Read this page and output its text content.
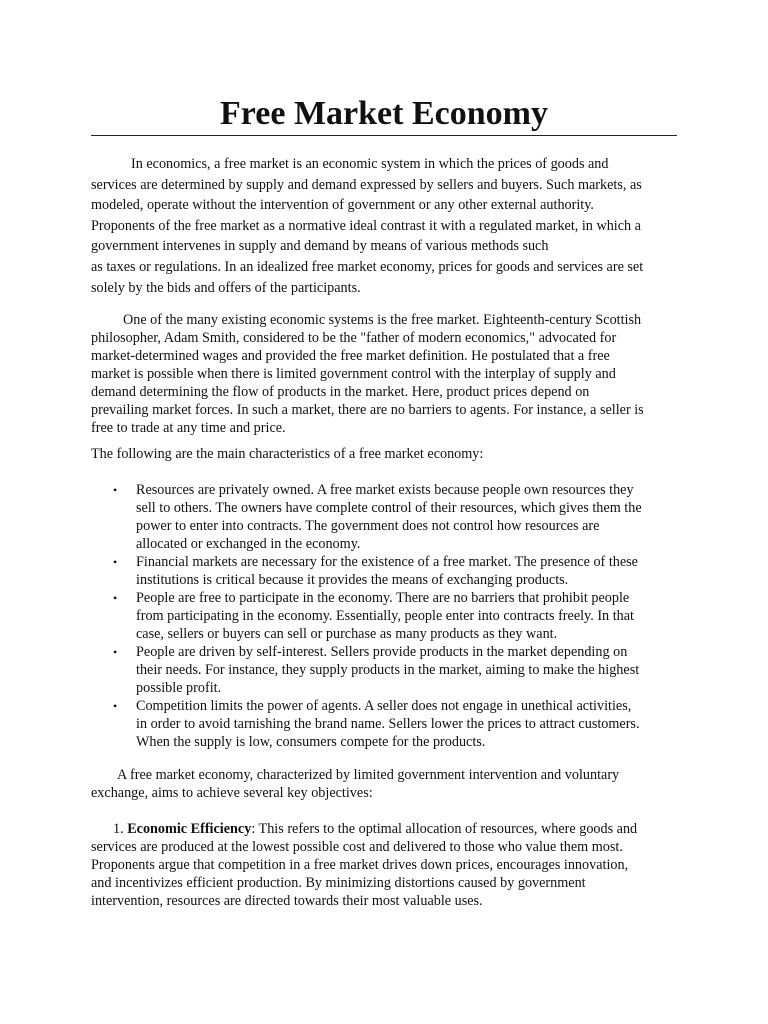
Free Market Economy

In economics, a free market is an economic system in which the prices of goods and
services are determined by supply and demand expressed by sellers and buyers. Such markets, as
modeled, operate without the intervention of government or any other external authority.
Proponents of the free market as a normative ideal contrast it with a regulated market, in which a
government intervenes in supply and demand by means of various methods such
as taxes or regulations. In an idealized free market economy, prices for goods and services are set
solely by the bids and offers of the participants.

One of the many existing economic systems is the free market. Eighteenth-century Scottish
philosopher, Adam Smith, considered to be the "father of modern economics," advocated for
market-determined wages and provided the free market definition. He postulated that a free
market is possible when there is limited government control with the interplay of supply and
demand determining the flow of products in the market. Here, product prices depend on
prevailing market forces. In such a market, there are no barriers to agents. For instance, a seller is
free to trade at any time and price.

The following are the main characteristics of a free market economy:

• Resources are privately owned. A free market exists because people own resources they
sell to others. The owners have complete control of their resources, which gives them the
power to enter into contracts. The government does not control how resources are
allocated or exchanged in the economy.
• Financial markets are necessary for the existence of a free market. The presence of these
institutions is critical because it provides the means of exchanging products.
• People are free to participate in the economy. There are no barriers that prohibit people
from participating in the economy. Essentially, people enter into contracts freely. In that
case, sellers or buyers can sell or purchase as many products as they want.
• People are driven by self-interest. Sellers provide products in the market depending on
their needs. For instance, they supply products in the market, aiming to make the highest
possible profit.
• Competition limits the power of agents. A seller does not engage in unethical activities,
in order to avoid tarnishing the brand name. Sellers lower the prices to attract customers.
When the supply is low, consumers compete for the products.

A free market economy, characterized by limited government intervention and voluntary
exchange, aims to achieve several key objectives:

1. Economic Efficiency: This refers to the optimal allocation of resources, where goods and
services are produced at the lowest possible cost and delivered to those who value them most.
Proponents argue that competition in a free market drives down prices, encourages innovation,
and incentivizes efficient production. By minimizing distortions caused by government
intervention, resources are directed towards their most valuable uses.
